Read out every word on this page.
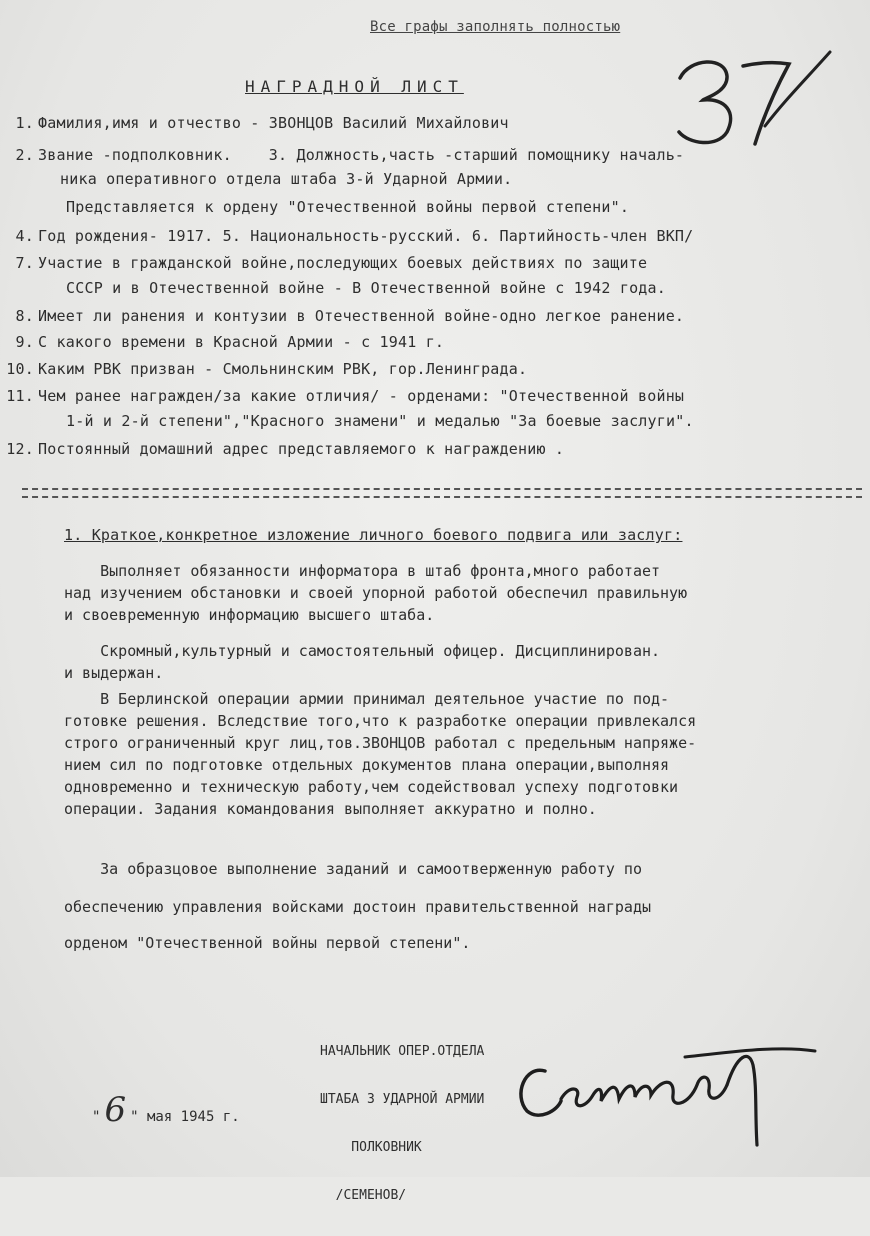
Все графы заполнять полностью
НАГРАДНОЙ ЛИСТ
1. Фамилия,имя и отчество - ЗВОНЦОВ Василий Михайлович
2. Звание -подполковник.    3. Должность,часть -старший помощнику началь-
ника оперативного отдела штаба 3-й Ударной Армии.
Представляется к ордену "Отечественной войны первой степени".
4. Год рождения- 1917. 5. Национальность-русский. 6. Партийность-член ВКП/
7. Участие в гражданской войне,последующих боевых действиях по защите
СССР и в Отечественной войне - В Отечественной войне с 1942 года.
8. Имеет ли ранения и контузии в Отечественной войне-одно легкое ранение.
9. С какого времени в Красной Армии - с 1941 г.
10. Каким РВК призван - Смольнинским РВК, гор.Ленинграда.
11. Чем ранее награжден/за какие отличия/ - орденами: "Отечественной войны
1-й и 2-й степени","Красного знамени" и медалью "За боевые заслуги".
12. Постоянный домашний адрес представляемого к награждению .
1. Краткое,конкретное изложение личного боевого подвига или заслуг:
Выполняет обязанности информатора в штаб фронта,много работает
над изучением обстановки и своей упорной работой обеспечил правильную
и своевременную информацию высшего штаба.
Скромный,культурный и самостоятельный офицер. Дисциплинирован.
и выдержан.
В Берлинской операции армии принимал деятельное участие по под-
готовке решения. Вследствие того,что к разработке операции привлекался
строго ограниченный круг лиц,тов.ЗВОНЦОВ работал с предельным напряже-
нием сил по подготовке отдельных документов плана операции,выполняя
одновременно и техническую работу,чем содействовал успеху подготовки
операции. Задания командования выполняет аккуратно и полно.
За образцовое выполнение заданий и самоотверженную работу по
обеспечению управления войсками достоин правительственной награды
орденом "Отечественной войны первой степени".

НАЧАЛЬНИК ОПЕР.ОТДЕЛА

ШТАБА 3 УДАРНОЙ АРМИИ

ПОЛКОВНИК

/СЕМЕНОВ/

" 6 " мая 1945 г.
